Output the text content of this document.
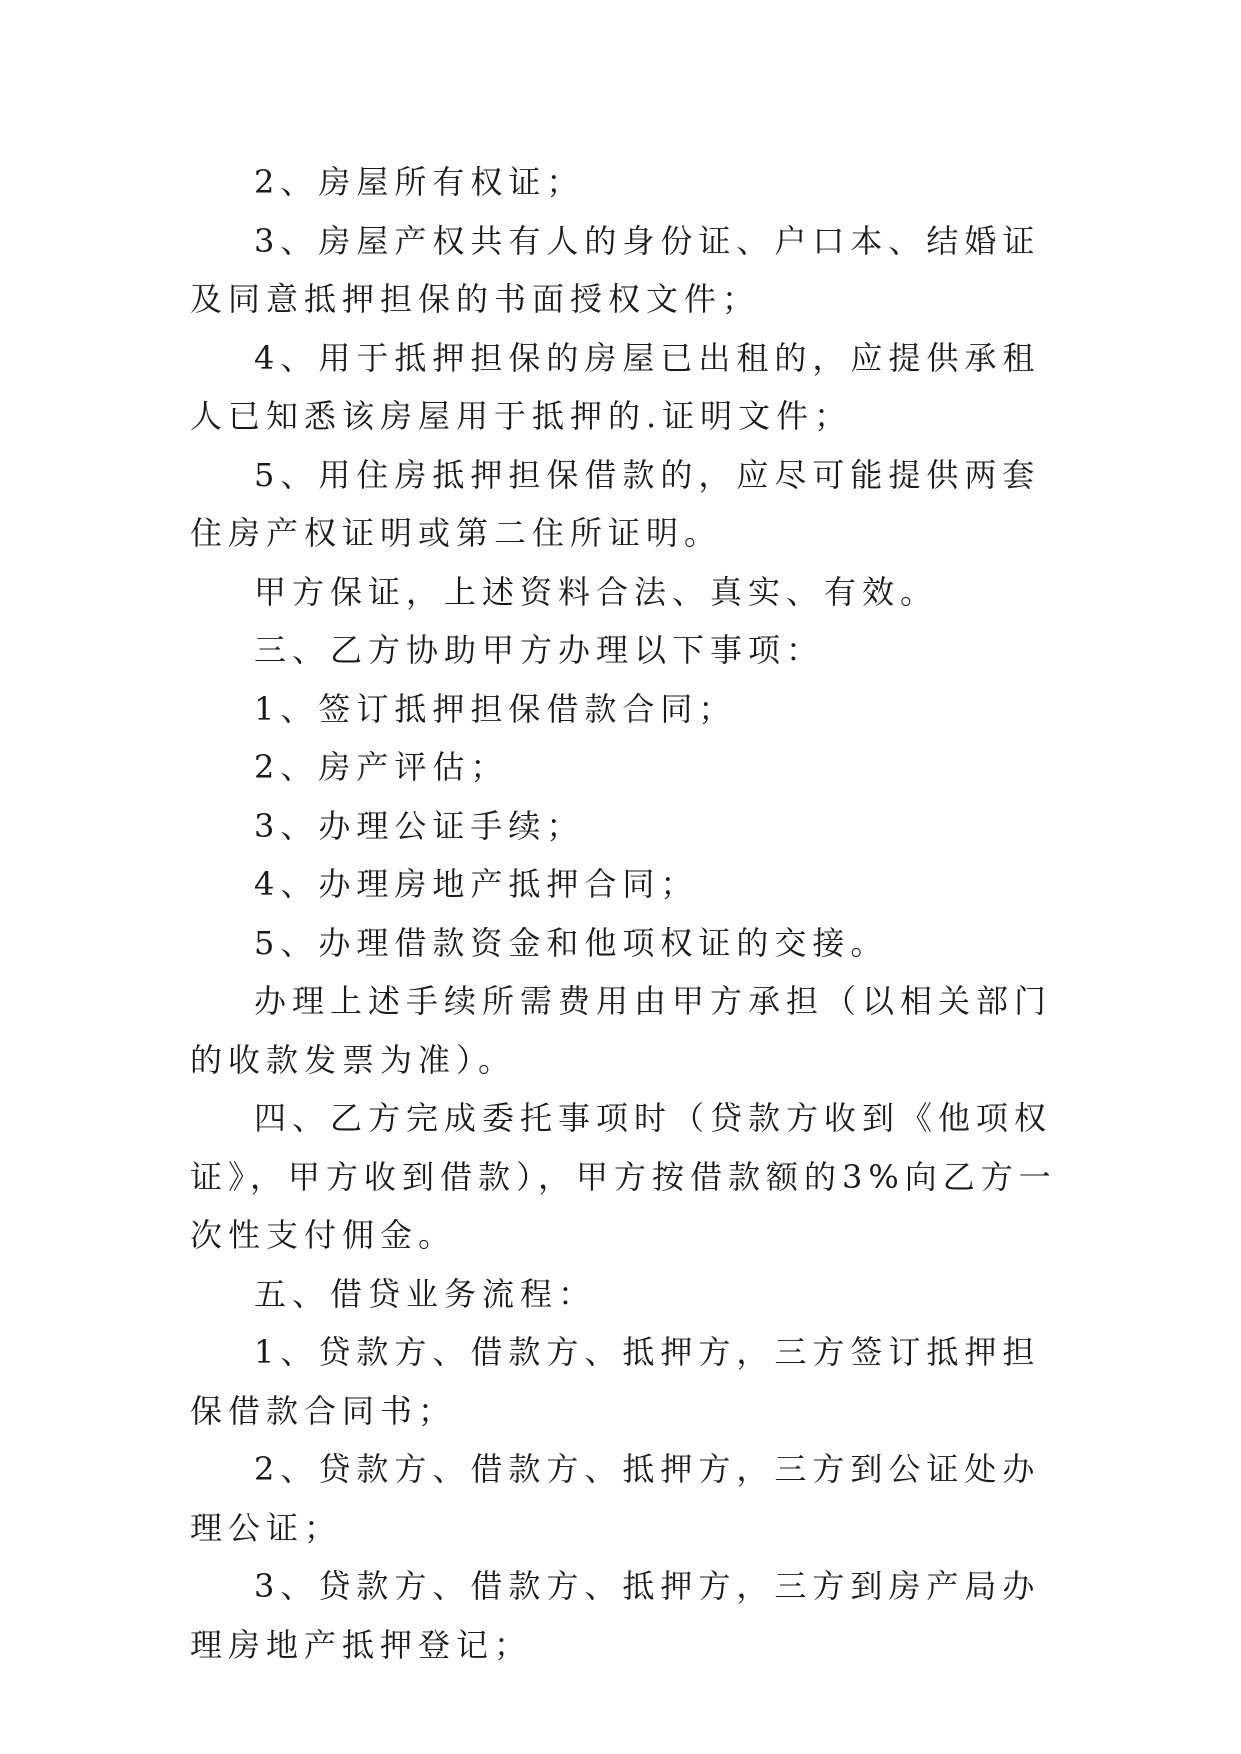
2、房屋所有权证；

3、房屋产权共有人的身份证、户口本、结婚证及同意抵押担保的书面授权文件；

4、用于抵押担保的房屋已出租的，应提供承租人已知悉该房屋用于抵押的.证明文件；

5、用住房抵押担保借款的，应尽可能提供两套住房产权证明或第二住所证明。

甲方保证，上述资料合法、真实、有效。

三、乙方协助甲方办理以下事项：

1、签订抵押担保借款合同；

2、房产评估；

3、办理公证手续；

4、办理房地产抵押合同；

5、办理借款资金和他项权证的交接。

办理上述手续所需费用由甲方承担（以相关部门的收款发票为准）。

四、乙方完成委托事项时（贷款方收到《他项权证》，甲方收到借款），甲方按借款额的3%向乙方一次性支付佣金。

五、借贷业务流程：

1、贷款方、借款方、抵押方，三方签订抵押担保借款合同书；

2、贷款方、借款方、抵押方，三方到公证处办理公证；

3、贷款方、借款方、抵押方，三方到房产局办理房地产抵押登记；
